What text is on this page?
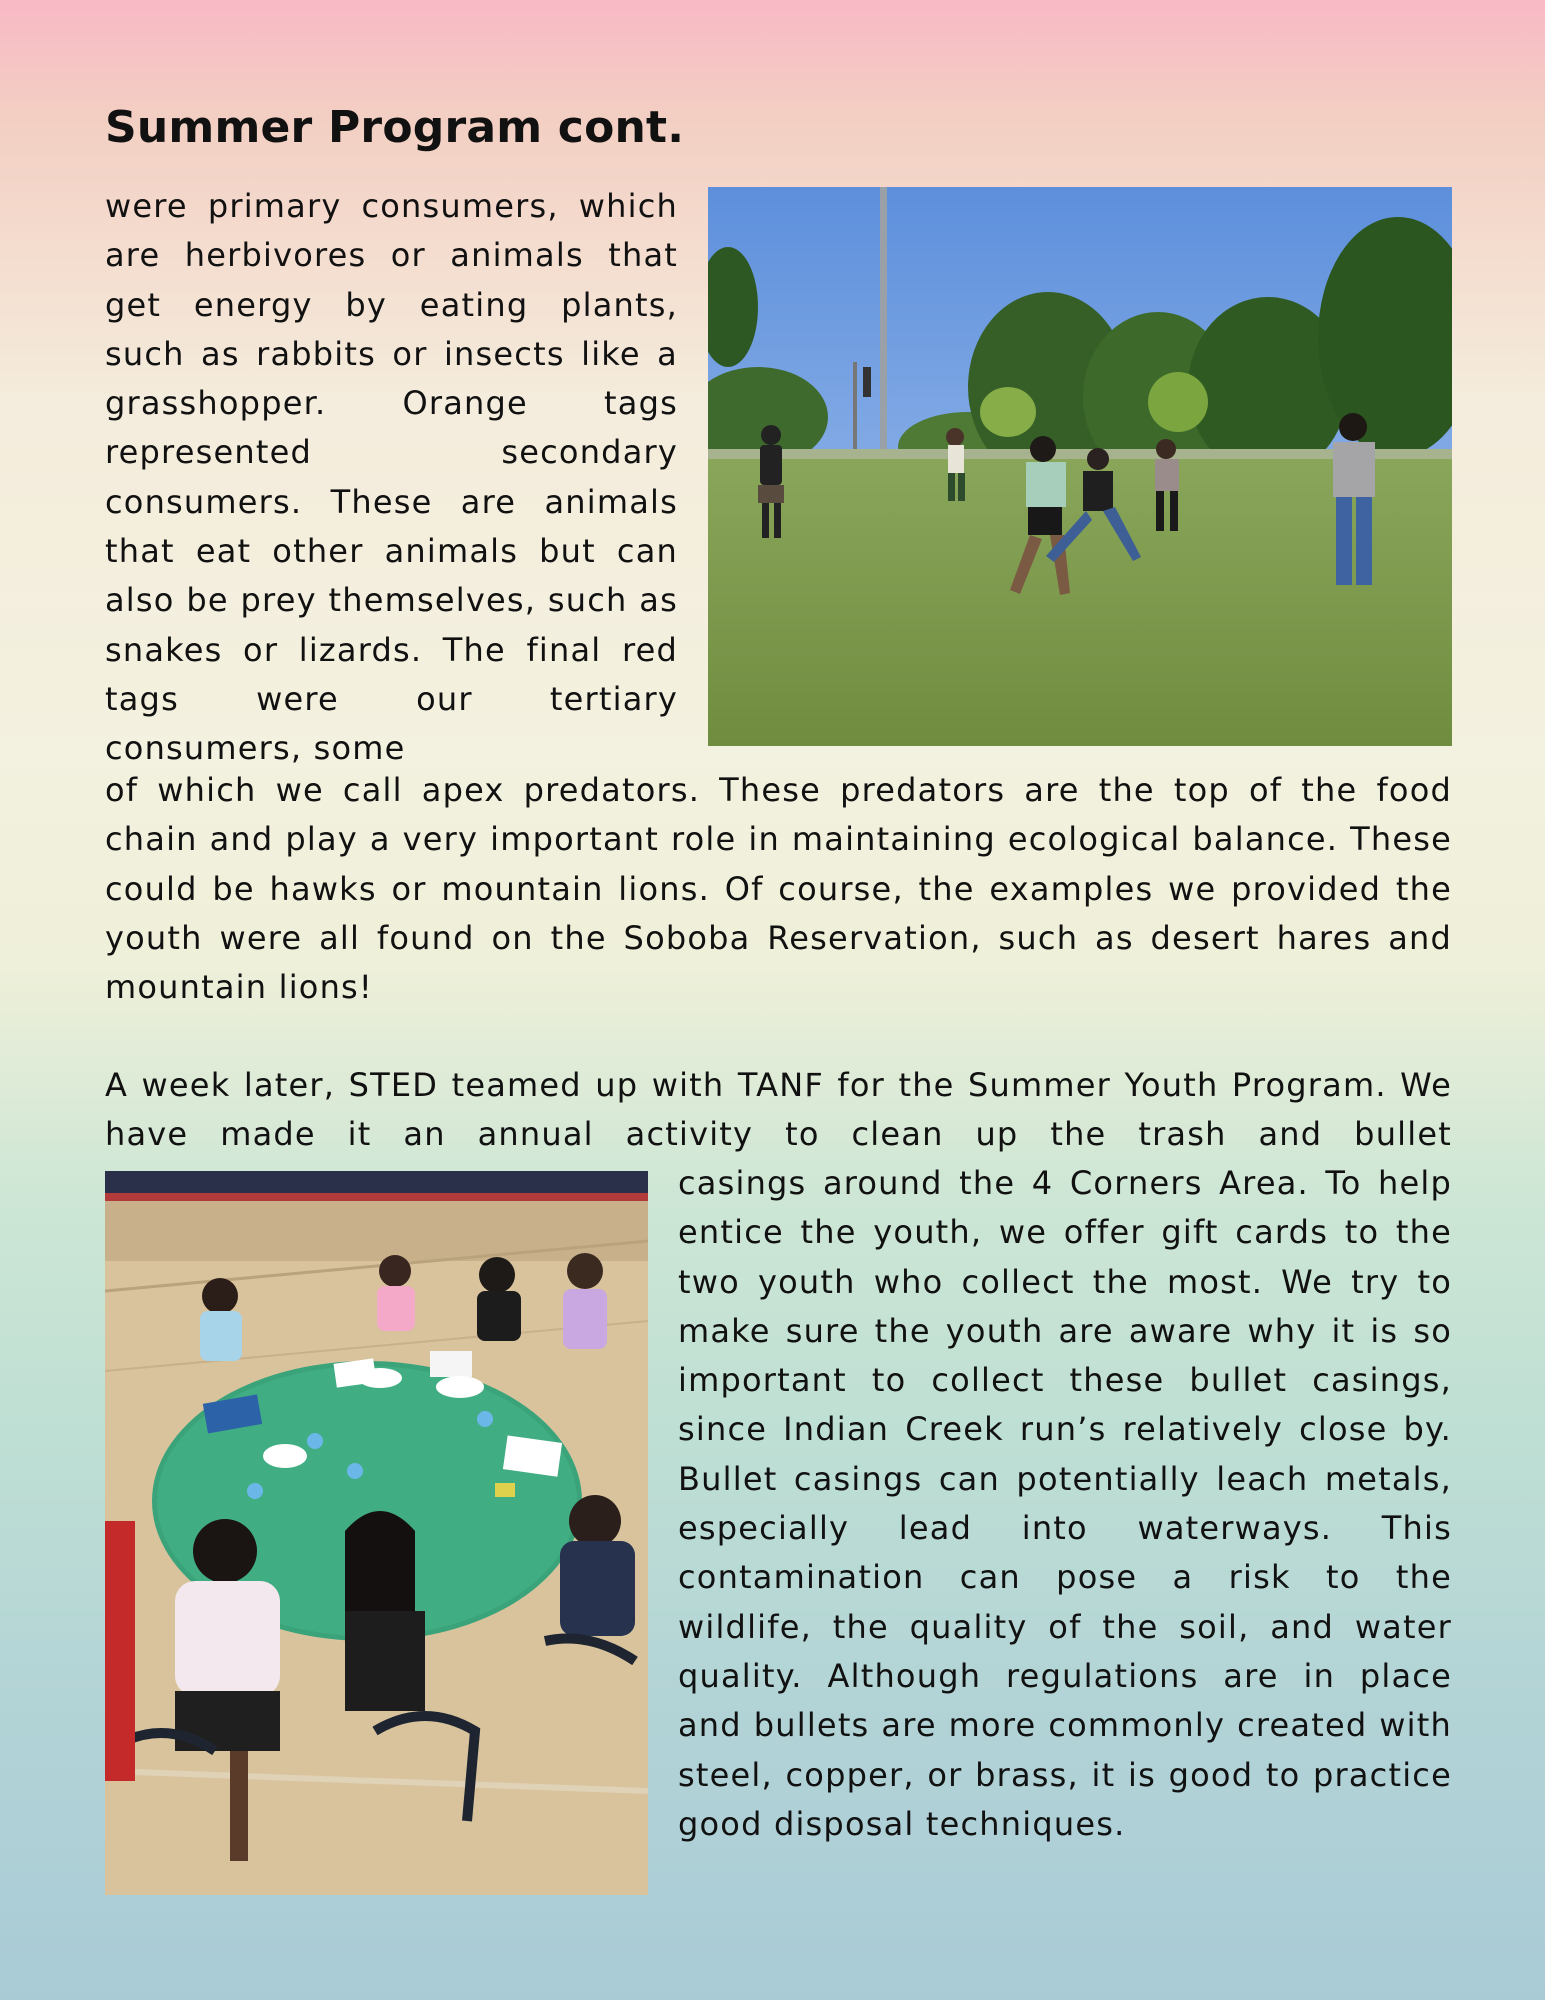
Summer Program cont.

were primary consumers, which are herbivores or animals that get energy by eating plants, such as rabbits or insects like a grasshopper. Orange tags represented secondary consumers. These are animals that eat other animals but can also be prey themselves, such as snakes or lizards. The final red tags were our tertiary consumers, some

of which we call apex predators. These predators are the top of the food chain and play a very important role in maintaining ecological balance. These could be hawks or mountain lions. Of course, the examples we provided the youth were all found on the Soboba Reservation, such as desert hares and mountain lions!

A week later, STED teamed up with TANF for the Summer Youth Program. We have made it an annual activity to clean up the trash and bullet

casings around the 4 Corners Area. To help entice the youth, we offer gift cards to the two youth who collect the most. We try to make sure the youth are aware why it is so important to collect these bullet casings, since Indian Creek run’s relatively close by. Bullet casings can potentially leach metals, especially lead into waterways. This contamination can pose a risk to the wildlife, the quality of the soil, and water quality. Although regulations are in place and bullets are more commonly created with steel, copper, or brass, it is good to practice good disposal techniques.
